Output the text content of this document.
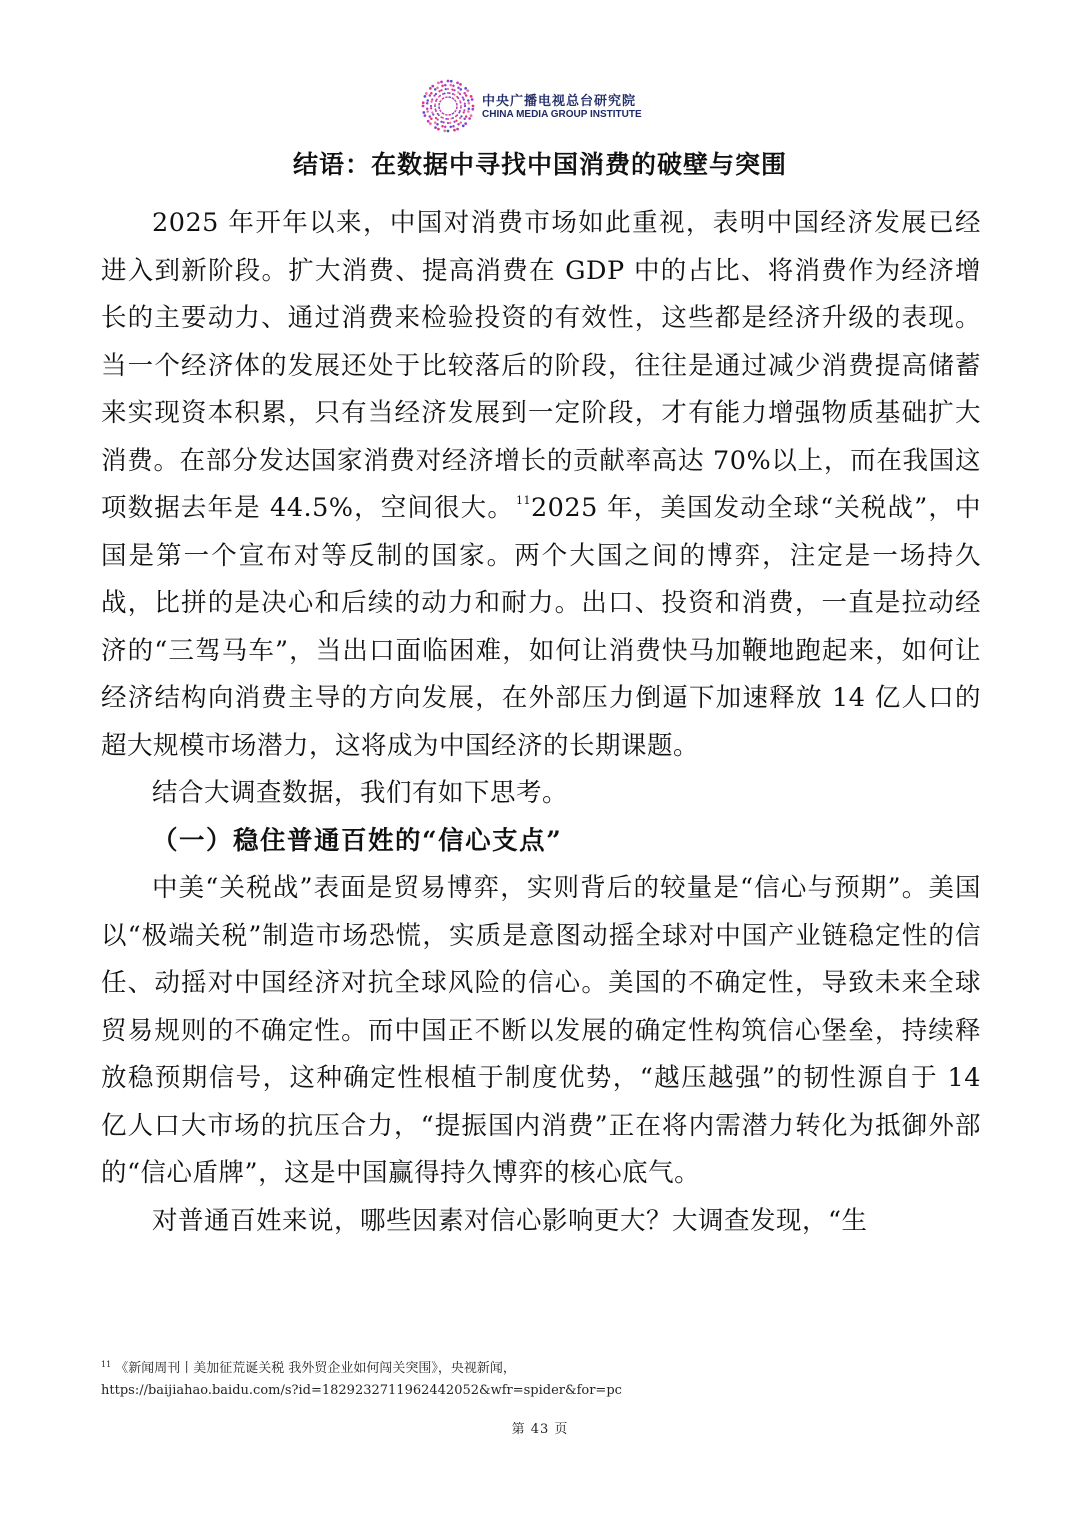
中央广播电视总台研究院
CHINA MEDIA GROUP INSTITUTE
结语：在数据中寻找中国消费的破壁与突围

2025 年开年以来，中国对消费市场如此重视，表明中国经济发展已经进入到新阶段。扩大消费、提高消费在 GDP 中的占比、将消费作为经济增长的主要动力、通过消费来检验投资的有效性，这些都是经济升级的表现。当一个经济体的发展还处于比较落后的阶段，往往是通过减少消费提高储蓄来实现资本积累，只有当经济发展到一定阶段，才有能力增强物质基础扩大消费。在部分发达国家消费对经济增长的贡献率高达 70%以上，而在我国这项数据去年是 44.5%，空间很大。 $^{11}$2025 年，美国发动全球“关税战”，中国是第一个宣布对等反制的国家。两个大国之间的博弈，注定是一场持久战，比拼的是决心和后续的动力和耐力。出口、投资和消费，一直是拉动经济的“三驾马车”，当出口面临困难，如何让消费快马加鞭地跑起来，如何让经济结构向消费主导的方向发展，在外部压力倒逼下加速释放 14 亿人口的超大规模市场潜力，这将成为中国经济的长期课题。

结合大调查数据，我们有如下思考。

（一）稳住普通百姓的“信心支点”

中美“关税战”表面是贸易博弈，实则背后的较量是“信心与预期”。美国以“极端关税”制造市场恐慌，实质是意图动摇全球对中国产业链稳定性的信任、动摇对中国经济对抗全球风险的信心。美国的不确定性，导致未来全球贸易规则的不确定性。而中国正不断以发展的确定性构筑信心堡垒，持续释放稳预期信号，这种确定性根植于制度优势，“越压越强”的韧性源自于 14 亿人口大市场的抗压合力，“提振国内消费”正在将内需潜力转化为抵御外部的“信心盾牌”，这是中国赢得持久博弈的核心底气。

对普通百姓来说，哪些因素对信心影响更大？大调查发现，“生

$^{11}$ 《新闻周刊丨美加征荒诞关税 我外贸企业如何闯关突围》，央视新闻，
https://baijiahao.baidu.com/s?id=1829232711962442052&wfr=spider&for=pc
第 43 页
